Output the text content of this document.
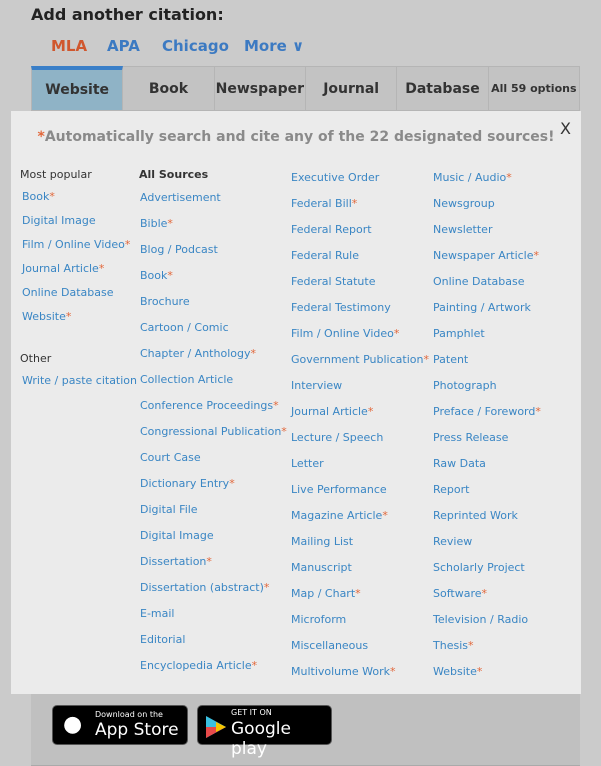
Add another citation:
MLA APA Chicago More ∨
Website	Book	Newspaper	Journal	Database	All 59 options
● Download on the
App Store
GET IT ON
Google play
*Automatically search and cite any of the 22 designated sources! X
Most popular
Other
All Sources
Book*
Digital Image
Film / Online Video*
Journal Article*
Online Database
Website*
Write / paste citation
Advertisement
Bible*
Blog / Podcast
Book*
Brochure
Cartoon / Comic
Chapter / Anthology*
Collection Article
Conference Proceedings*
Congressional Publication*
Court Case
Dictionary Entry*
Digital File
Digital Image
Dissertation*
Dissertation (abstract)*
E-mail
Editorial
Encyclopedia Article*
Executive Order
Federal Bill*
Federal Report
Federal Rule
Federal Statute
Federal Testimony
Film / Online Video*
Government Publication*
Interview
Journal Article*
Lecture / Speech
Letter
Live Performance
Magazine Article*
Mailing List
Manuscript
Map / Chart*
Microform
Miscellaneous
Multivolume Work*
Music / Audio*
Newsgroup
Newsletter
Newspaper Article*
Online Database
Painting / Artwork
Pamphlet
Patent
Photograph
Preface / Foreword*
Press Release
Raw Data
Report
Reprinted Work
Review
Scholarly Project
Software*
Television / Radio
Thesis*
Website*
